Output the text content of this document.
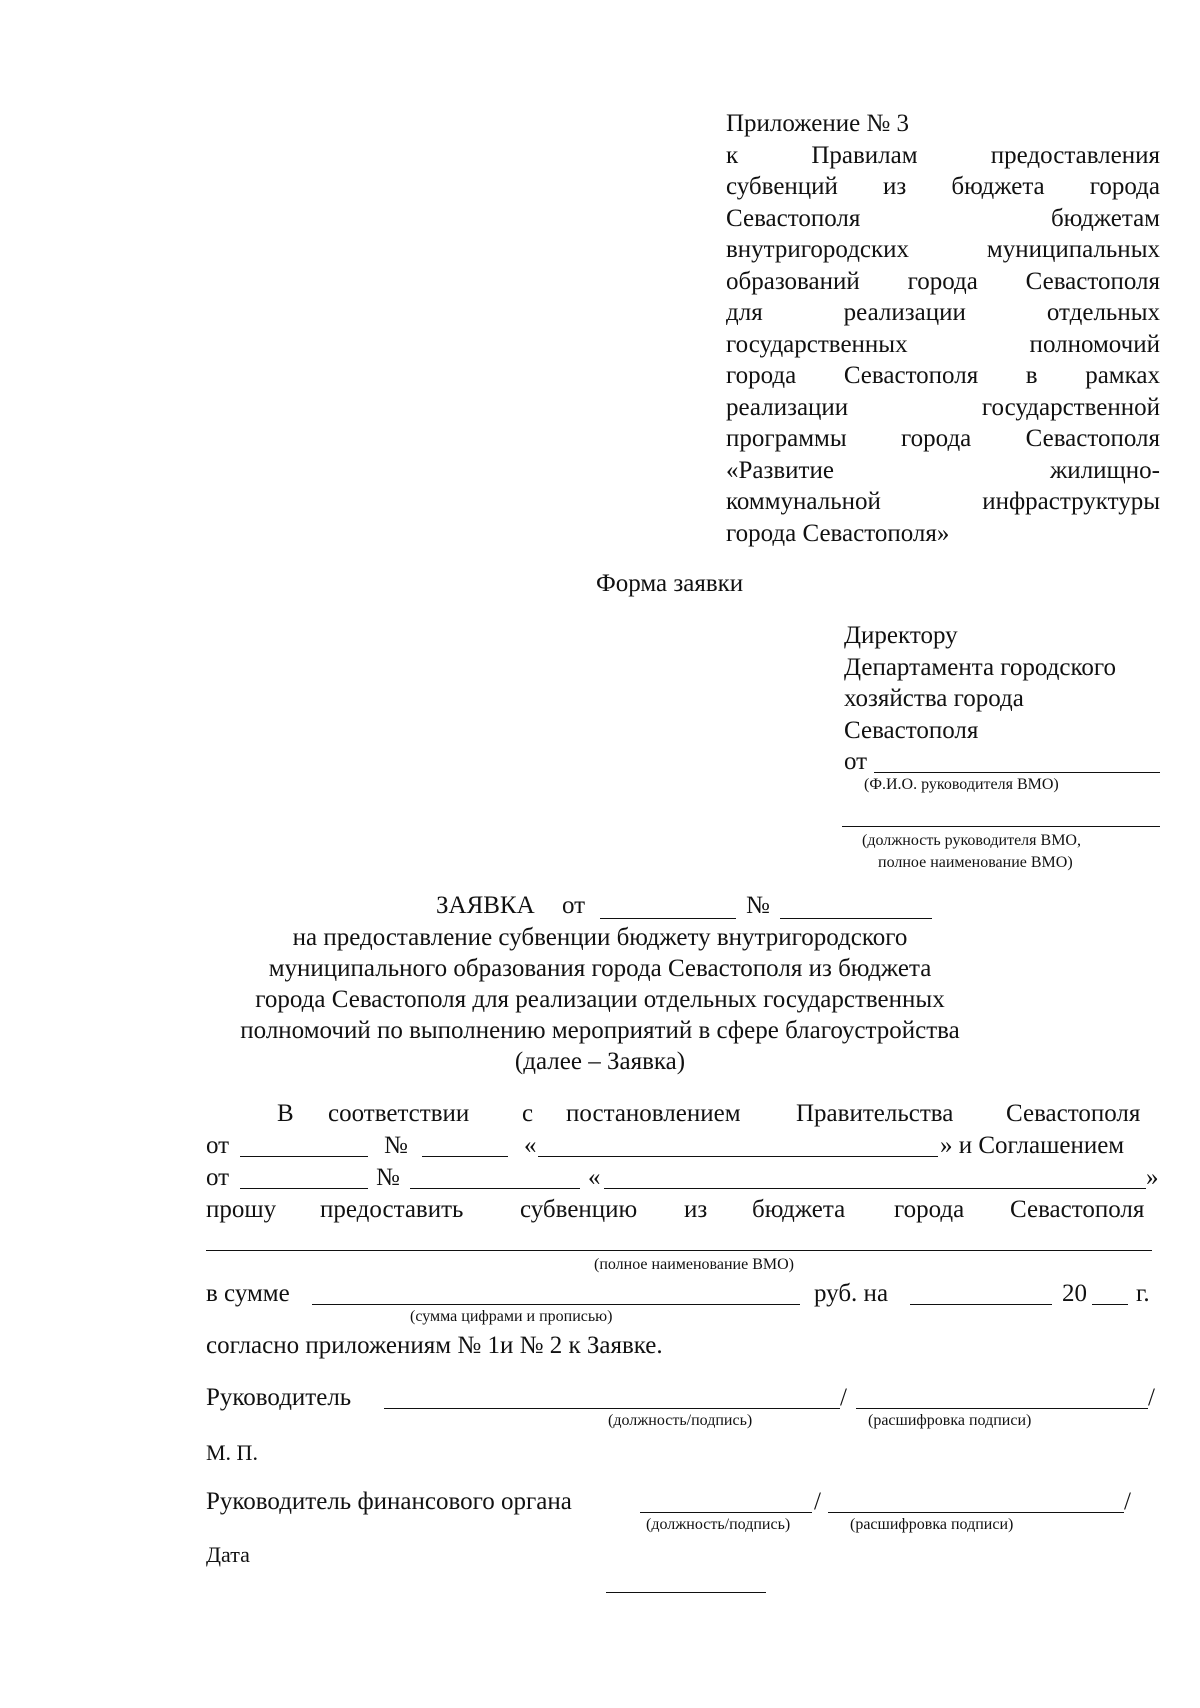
Приложение № 3
к Правилам предоставления
субвенций из бюджета города
Севастополя бюджетам
внутригородских муниципальных
образований города Севастополя
для реализации отдельных
государственных полномочий
города Севастополя в рамках
реализации государственной
программы города Севастополя
«Развитие жилищно-
коммунальной инфраструктуры
города Севастополя»
Форма заявки
Директору
Департамента городского
хозяйства города
Севастополя
от
(Ф.И.О. руководителя ВМО)
(должность руководителя ВМО,
полное наименование ВМО)
ЗАЯВКА от	№
на предоставление субвенции бюджету внутригородского
муниципального образования города Севастополя из бюджета
города Севастополя для реализации отдельных государственных
полномочий по выполнению мероприятий в сфере благоустройства
(далее – Заявка)
В соответствии с постановлением Правительства Севастополя
от	№	«	» и Соглашением
от	№	«	»
прошу предоставить субвенцию из бюджета города Севастополя
(полное наименование ВМО)
в сумме	руб. на	20 г.
(сумма цифрами и прописью)
согласно приложениям № 1и № 2 к Заявке.
Руководитель	/	/
(должность/подпись)	(расшифровка подписи)
М. П.
Руководитель финансового органа	/	/
(должность/подпись)	(расшифровка подписи)
Дата
